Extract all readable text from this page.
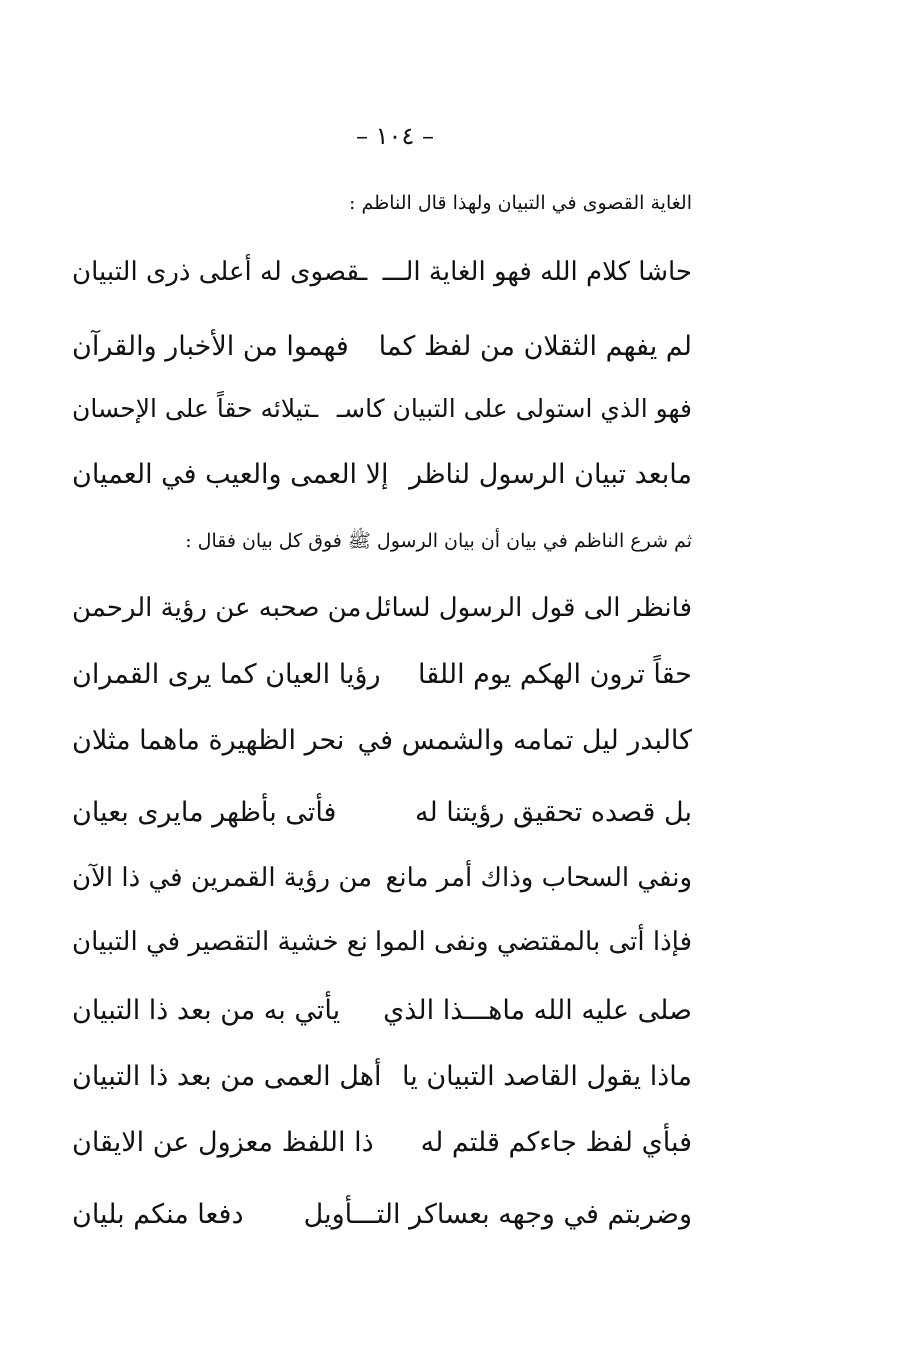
– ١٠٤ –
الغاية القصوى في التبيان ولهذا قال الناظم :
حاشا كلام الله فهو الغاية الـــ
ـقصوى له أعلى ذرى التبيان
لم يفهم الثقلان من لفظ كما
فهموا من الأخبار والقرآن
فهو الذي استولى على التبيان كاسـ
ـتيلائه حقاً على الإحسان
مابعد تبيان الرسول لناظر
إلا العمى والعيب في العميان
ثم شرع الناظم في بيان أن بيان الرسول ﷺ فوق كل بيان فقال :
فانظر الى قول الرسول لسائل
من صحبه عن رؤية الرحمن
حقاً ترون الهكم يوم اللقا
رؤيا العيان كما يرى القمران
كالبدر ليل تمامه والشمس في
نحر الظهيرة ماهما مثلان
بل قصده تحقيق رؤيتنا له
فأتى بأظهر مايرى بعيان
ونفي السحاب وذاك أمر مانع
من رؤية القمرين في ذا الآن
فإذا أتى بالمقتضي ونفى الموا
نع خشية التقصير في التبيان
صلى عليه الله ماهـــذا الذي
يأتي به من بعد ذا التبيان
ماذا يقول القاصد التبيان يا
أهل العمى من بعد ذا التبيان
فبأي لفظ جاءكم قلتم له
ذا اللفظ معزول عن الايقان
وضربتم في وجهه بعساكر التـــأويل
دفعا منكم بليان
